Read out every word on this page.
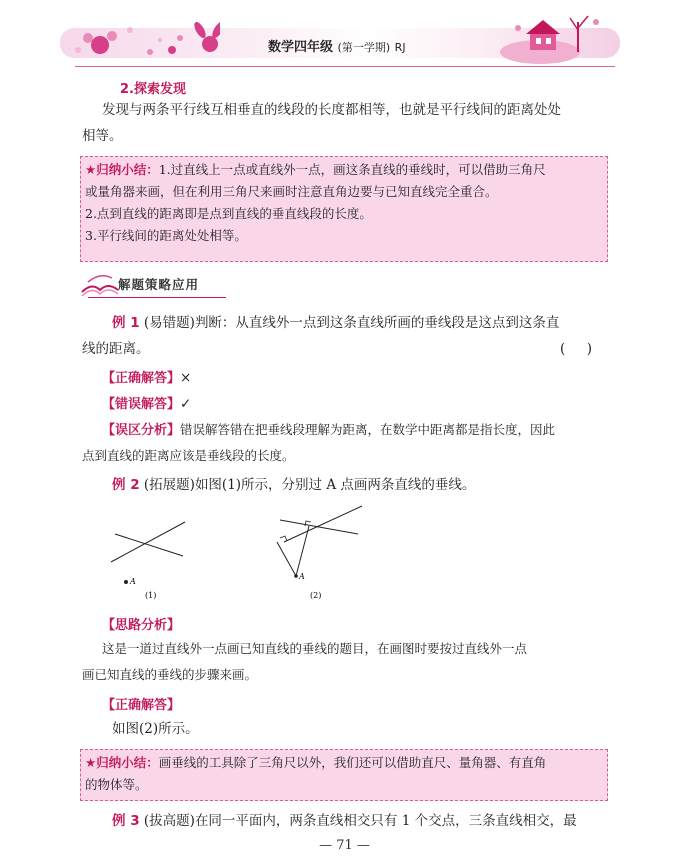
数学四年级 (第一学期) RJ
2.探索发现
发现与两条平行线互相垂直的线段的长度都相等，也就是平行线间的距离处处
相等。
★归纳小结：1.过直线上一点或直线外一点，画这条直线的垂线时，可以借助三角尺
或量角器来画，但在利用三角尺来画时注意直角边要与已知直线完全重合。
2.点到直线的距离即是点到直线的垂直线段的长度。
3.平行线间的距离处处相等。
解题策略应用
例 1 (易错题)判断：从直线外一点到这条直线所画的垂线段是这点到这条直
线的距离。	(     )
【正确解答】×
【错误解答】✓
【误区分析】错误解答错在把垂线段理解为距离，在数学中距离都是指长度，因此
点到直线的距离应该是垂线段的长度。
例 2 (拓展题)如图(1)所示，分别过 A 点画两条直线的垂线。
A
(1)
A
(2)
【思路分析】
这是一道过直线外一点画已知直线的垂线的题目，在画图时要按过直线外一点
画已知直线的垂线的步骤来画。
【正确解答】
如图(2)所示。
★归纳小结：画垂线的工具除了三角尺以外，我们还可以借助直尺、量角器、有直角
的物体等。
例 3 (拔高题)在同一平面内，两条直线相交只有 1 个交点，三条直线相交，最
— 71 —
